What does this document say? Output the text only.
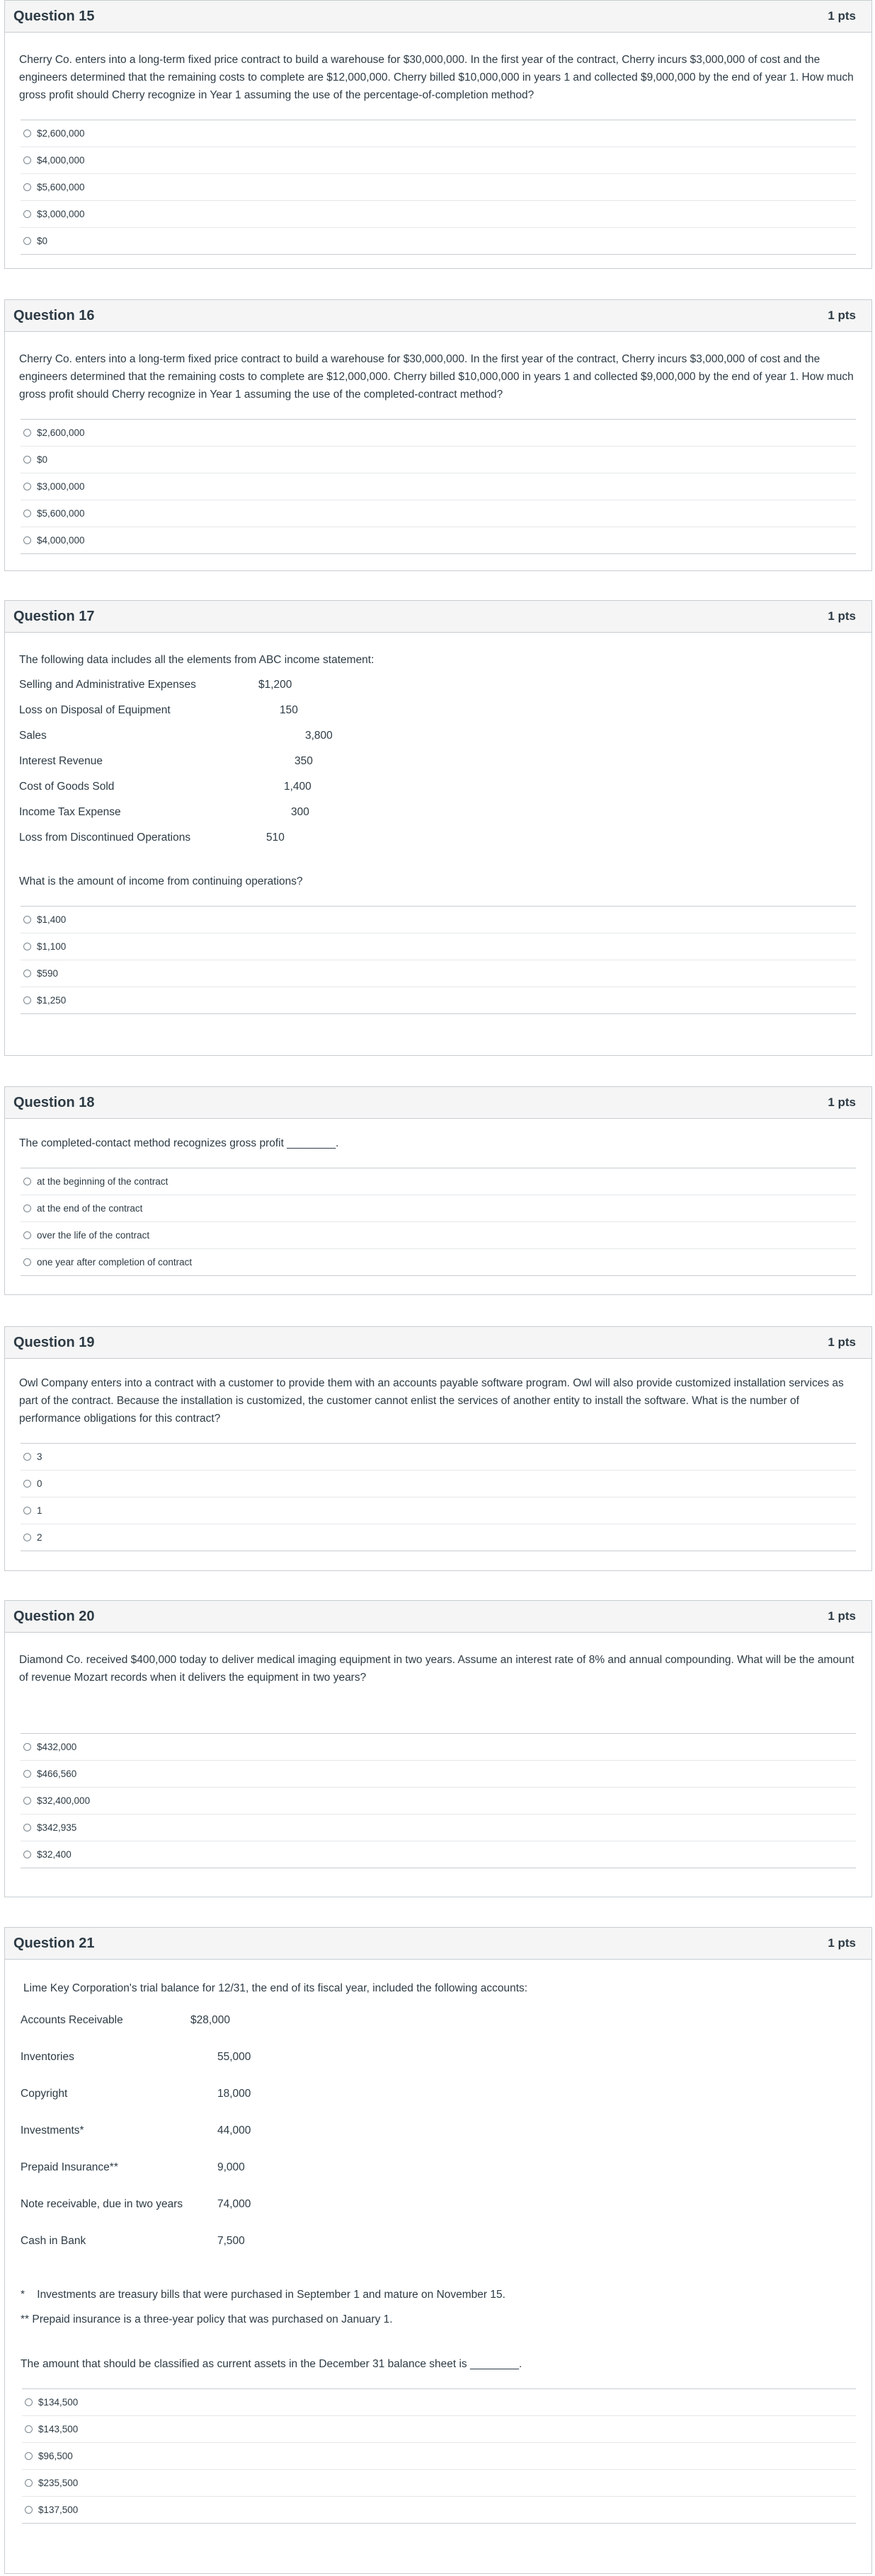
Question 15	1 pts

Cherry Co. enters into a long-term fixed price contract to build a warehouse for $30,000,000. In the first year of the contract, Cherry incurs $3,000,000 of cost and the engineers determined that the remaining costs to complete are $12,000,000. Cherry billed $10,000,000 in years 1 and collected $9,000,000 by the end of year 1. How much gross profit should Cherry recognize in Year 1 assuming the use of the percentage-of-completion method?

$2,600,000
$4,000,000
$5,600,000
$3,000,000
$0
Question 16	1 pts

Cherry Co. enters into a long-term fixed price contract to build a warehouse for $30,000,000. In the first year of the contract, Cherry incurs $3,000,000 of cost and the engineers determined that the remaining costs to complete are $12,000,000. Cherry billed $10,000,000 in years 1 and collected $9,000,000 by the end of year 1. How much gross profit should Cherry recognize in Year 1 assuming the use of the completed-contract method?

$2,600,000
$0
$3,000,000
$5,600,000
$4,000,000
Question 17	1 pts

The following data includes all the elements from ABC income statement:

Selling and Administrative Expenses	$1,200
Loss on Disposal of Equipment	150
Sales	3,800
Interest Revenue	350
Cost of Goods Sold	1,400
Income Tax Expense	300
Loss from Discontinued Operations	510

What is the amount of income from continuing operations?

$1,400
$1,100
$590
$1,250
Question 18	1 pts

The completed-contact method recognizes gross profit ________.

at the beginning of the contract
at the end of the contract
over the life of the contract
one year after completion of contract
Question 19	1 pts

Owl Company enters into a contract with a customer to provide them with an accounts payable software program. Owl will also provide customized installation services as part of the contract. Because the installation is customized, the customer cannot enlist the services of another entity to install the software. What is the number of performance obligations for this contract?

3
0
1
2
Question 20	1 pts

Diamond Co. received $400,000 today to deliver medical imaging equipment in two years. Assume an interest rate of 8% and annual compounding. What will be the amount of revenue Mozart records when it delivers the equipment in two years?

$432,000
$466,560
$32,400,000
$342,935
$32,400
Question 21	1 pts

Lime Key Corporation's trial balance for 12/31, the end of its fiscal year, included the following accounts:

Accounts Receivable	$28,000
Inventories	55,000
Copyright	18,000
Investments*	44,000
Prepaid Insurance**	9,000
Note receivable, due in two years	74,000
Cash in Bank	7,500

*    Investments are treasury bills that were purchased in September 1 and mature on November 15.

** Prepaid insurance is a three-year policy that was purchased on January 1.

The amount that should be classified as current assets in the December 31 balance sheet is ________.

$134,500
$143,500
$96,500
$235,500
$137,500
